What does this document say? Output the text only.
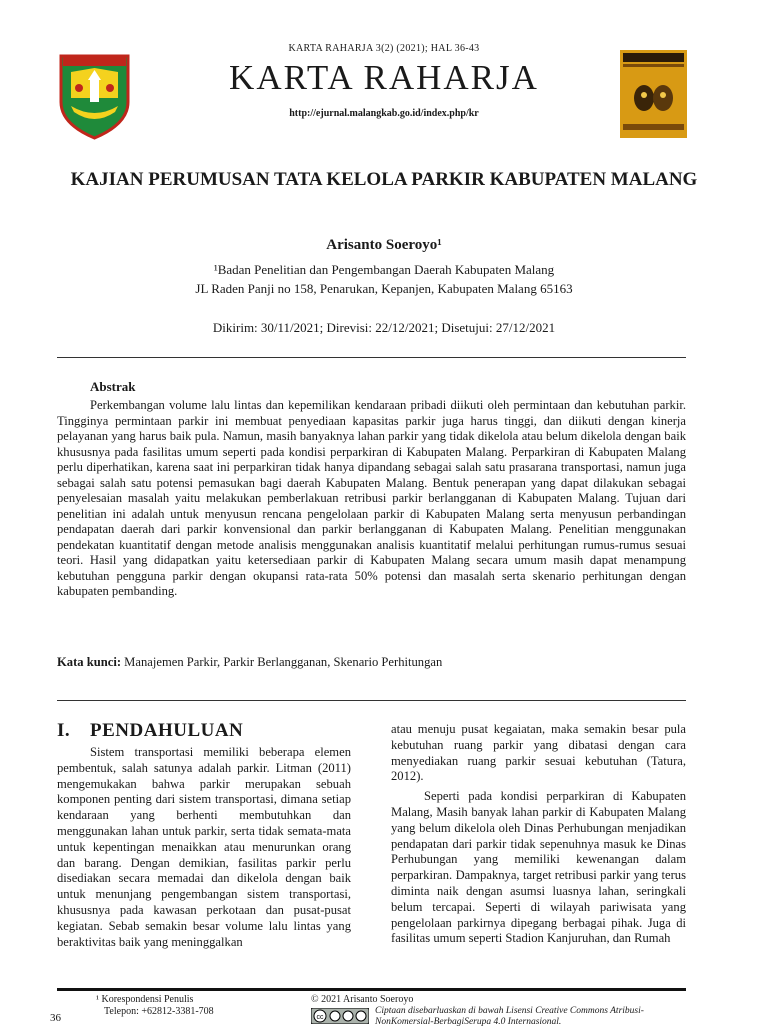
KARTA RAHARJA 3(2) (2021); HAL 36-43
KARTA RAHARJA
http://ejurnal.malangkab.go.id/index.php/kr
KAJIAN PERUMUSAN TATA KELOLA PARKIR KABUPATEN MALANG
Arisanto Soeroyo¹
¹Badan Penelitian dan Pengembangan Daerah Kabupaten Malang
JL Raden Panji no 158, Penarukan, Kepanjen, Kabupaten Malang 65163
Dikirim: 30/11/2021; Direvisi: 22/12/2021; Disetujui: 27/12/2021
Abstrak
Perkembangan volume lalu lintas dan kepemilikan kendaraan pribadi diikuti oleh permintaan dan kebutuhan parkir. Tingginya permintaan parkir ini membuat penyediaan kapasitas parkir juga harus tinggi, dan diikuti dengan kinerja pelayanan yang harus baik pula. Namun, masih banyaknya lahan parkir yang tidak dikelola atau belum dikelola dengan baik khususnya pada fasilitas umum seperti pada kondisi perparkiran di Kabupaten Malang. Perparkiran di Kabupaten Malang perlu diperhatikan, karena saat ini perparkiran tidak hanya dipandang sebagai salah satu prasarana transportasi, namun juga sebagai salah satu potensi pemasukan bagi daerah Kabupaten Malang. Bentuk penerapan yang dapat dilakukan sebagai penyelesaian masalah yaitu melakukan pemberlakuan retribusi parkir berlangganan di Kabupaten Malang. Tujuan dari penelitian ini adalah untuk menyusun rencana pengelolaan parkir di Kabupaten Malang serta menyusun perbandingan pendapatan daerah dari parkir konvensional dan parkir berlangganan di Kabupaten Malang. Penelitian menggunakan pendekatan kuantitatif dengan metode analisis menggunakan analisis kuantitatif melalui perhitungan rumus-rumus sesuai teori. Hasil yang didapatkan yaitu ketersediaan parkir di Kabupaten Malang secara umum masih dapat menampung kebutuhan pengguna parkir dengan okupansi rata-rata 50% potensi dan masalah serta skenario perhitungan dengan kabupaten pembanding.
Kata kunci: Manajemen Parkir, Parkir Berlangganan, Skenario Perhitungan
I. PENDAHULUAN

Sistem transportasi memiliki beberapa elemen pembentuk, salah satunya adalah parkir. Litman (2011) mengemukakan bahwa parkir merupakan sebuah komponen penting dari sistem transportasi, dimana setiap kendaraan yang berhenti membutuhkan dan menggunakan lahan untuk parkir, serta tidak semata-mata untuk kepentingan menaikkan atau menurunkan orang dan barang. Dengan demikian, fasilitas parkir perlu disediakan secara memadai dan dikelola dengan baik untuk menunjang pengembangan sistem transportasi, khususnya pada kawasan perkotaan dan pusat-pusat kegiatan. Sebab semakin besar volume lalu lintas yang beraktivitas baik yang meninggalkan

atau menuju pusat kegaiatan, maka semakin besar pula kebutuhan ruang parkir yang dibatasi dengan cara menyediakan ruang parkir sesuai kebutuhan (Tatura, 2012).

Seperti pada kondisi perparkiran di Kabupaten Malang, Masih banyak lahan parkir di Kabupaten Malang yang belum dikelola oleh Dinas Perhubungan menjadikan pendapatan dari parkir tidak sepenuhnya masuk ke Dinas Perhubungan yang memiliki kewenangan dalam perparkiran. Dampaknya, target retribusi parkir yang terus diminta naik dengan asumsi luasnya lahan, seringkali belum tercapai. Seperti di wilayah pariwisata yang pengelolaan parkirnya dipegang berbagai pihak. Juga di fasilitas umum seperti Stadion Kanjuruhan, dan Rumah

¹ Korespondensi Penulis
Telepon: +62812-3381-708
36
© 2021 Arisanto Soeroyo
cc
Ciptaan disebarluaskan di bawah Lisensi Creative Commons Atribusi-NonKomersial-BerbagiSerupa 4.0 Internasional.
